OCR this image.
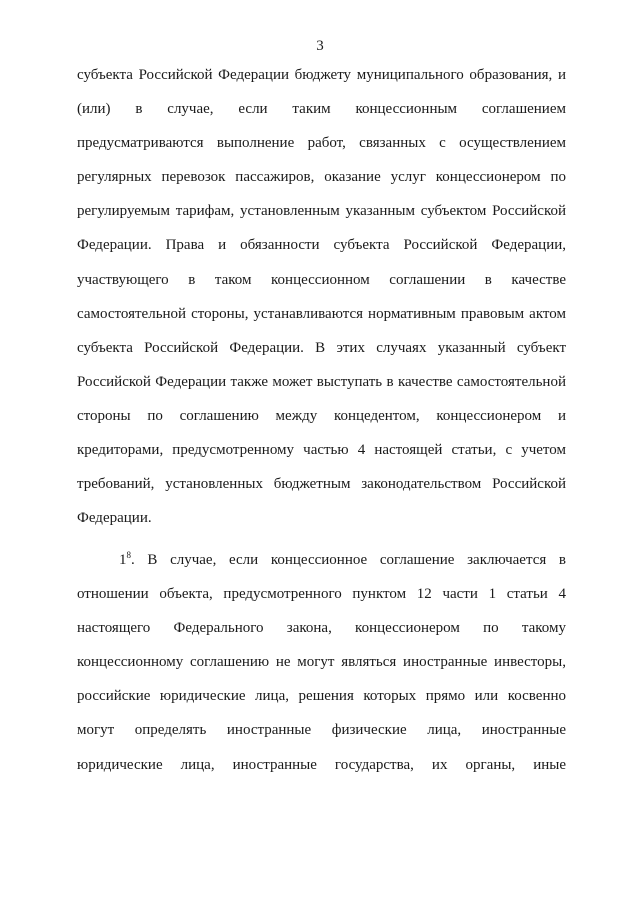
3
субъекта Российской Федерации бюджету муниципального образования, и
(или) в случае, если таким концессионным соглашением
предусматриваются выполнение работ, связанных с осуществлением
регулярных перевозок пассажиров, оказание услуг концессионером по
регулируемым тарифам, установленным указанным субъектом Российской
Федерации. Права и обязанности субъекта Российской Федерации,
участвующего в таком концессионном соглашении в качестве
самостоятельной стороны, устанавливаются нормативным правовым актом
субъекта Российской Федерации. В этих случаях указанный субъект
Российской Федерации также может выступать в качестве самостоятельной
стороны по соглашению между концедентом, концессионером и
кредиторами, предусмотренному частью 4 настоящей статьи, с учетом
требований, установленных бюджетным законодательством Российской
Федерации.
$1^8$. В случае, если концессионное соглашение заключается в
отношении объекта, предусмотренного пунктом 12 части 1 статьи 4
настоящего Федерального закона, концессионером по такому
концессионному соглашению не могут являться иностранные инвесторы,
российские юридические лица, решения которых прямо или косвенно
могут определять иностранные физические лица, иностранные
юридические лица, иностранные государства, их органы, иные
